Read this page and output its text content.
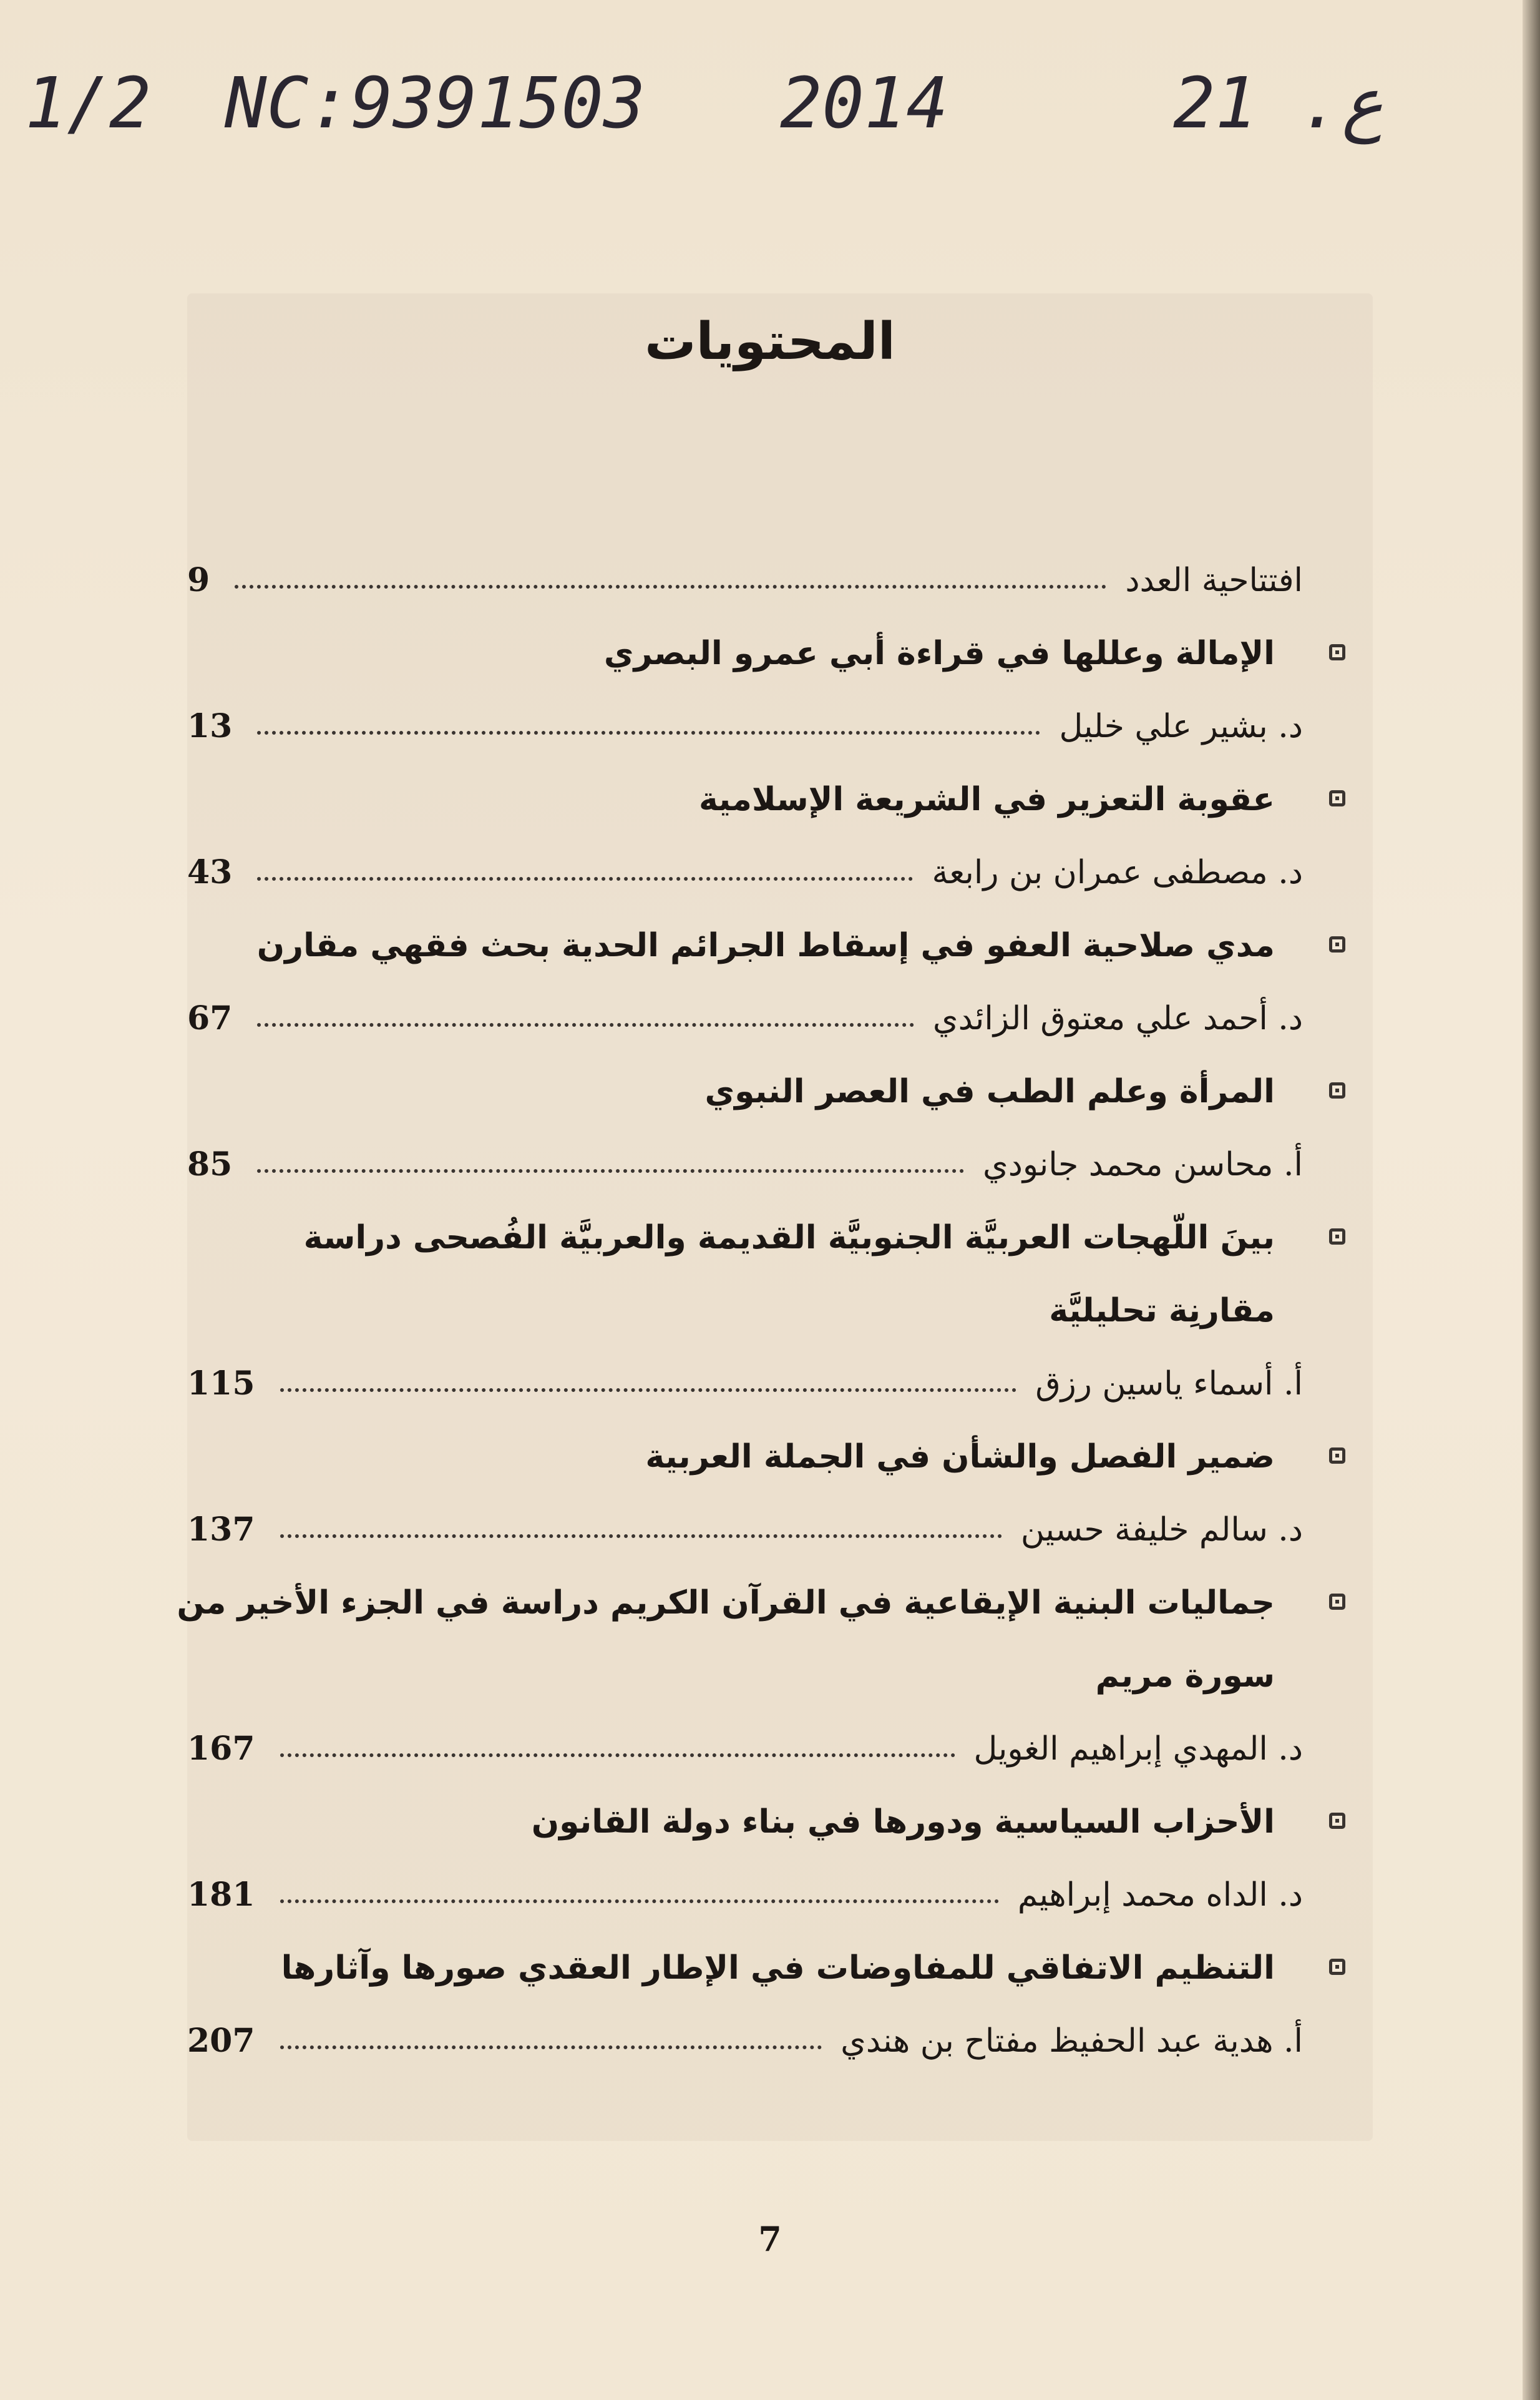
1/2 NC:9391503 2014	ع. 21
المحتويات
افتتاحية العدد
9
الإمالة وعللها في قراءة أبي عمرو البصري
د. بشير علي خليل
13
عقوبة التعزير في الشريعة الإسلامية
د. مصطفى عمران بن رابعة
43
مدي صلاحية العفو في إسقاط الجرائم الحدية بحث فقهي مقارن
د. أحمد علي معتوق الزائدي
67
المرأة وعلم الطب في العصر النبوي
أ. محاسن محمد جانودي
85
بينَ اللّهجات العربيَّة الجنوبيَّة القديمة والعربيَّة الفُصحى دراسة
مقارنِة تحليليَّة
أ. أسماء ياسين رزق
115
ضمير الفصل والشأن في الجملة العربية
د. سالم خليفة حسين
137
جماليات البنية الإيقاعية في القرآن الكريم دراسة في الجزء الأخير من
سورة مريم
د. المهدي إبراهيم الغويل
167
الأحزاب السياسية ودورها في بناء دولة القانون
د. الداه محمد إبراهيم
181
التنظيم الاتفاقي للمفاوضات في الإطار العقدي صورها وآثارها
أ. هدية عبد الحفيظ مفتاح بن هندي
207
7
